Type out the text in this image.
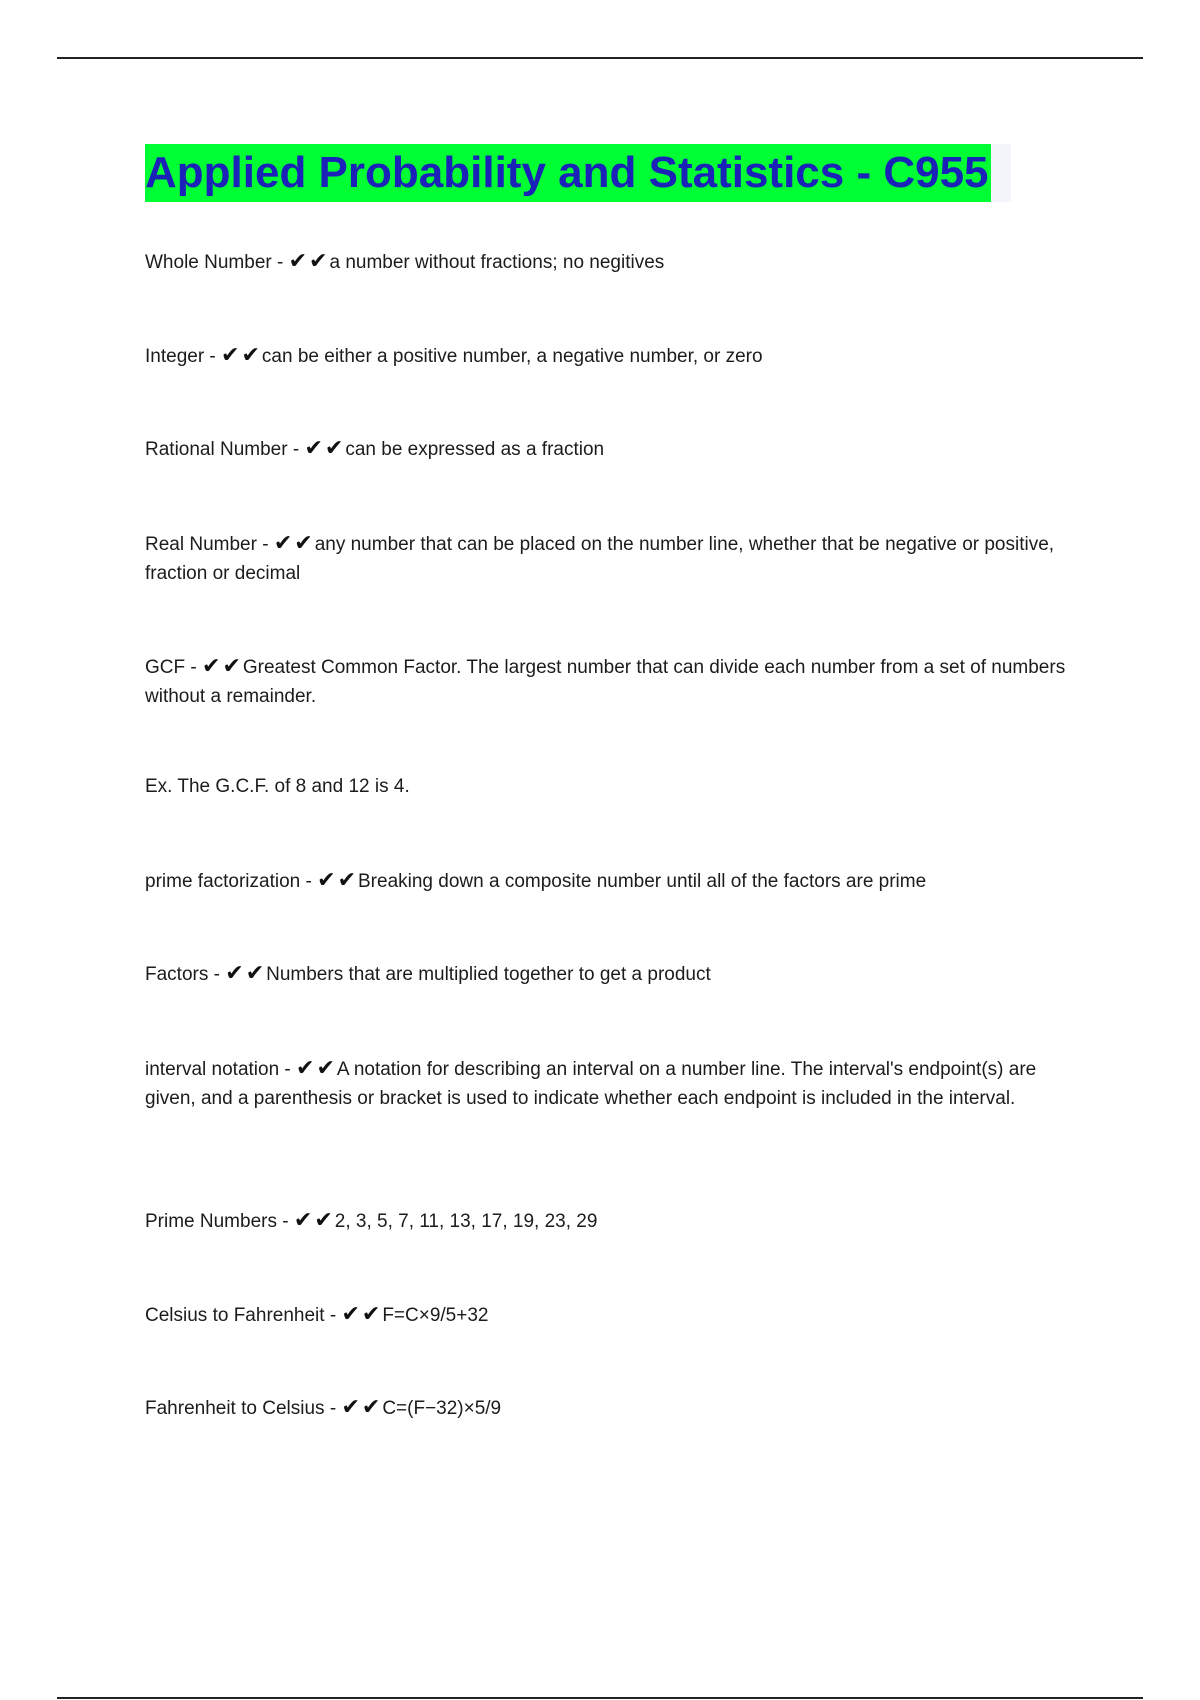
Applied Probability and Statistics - C955
Whole Number - ✔✔ a number without fractions; no negitives
Integer - ✔✔ can be either a positive number, a negative number, or zero
Rational Number - ✔✔ can be expressed as a fraction
Real Number - ✔✔ any number that can be placed on the number line, whether that be negative or positive, fraction or decimal
GCF - ✔✔ Greatest Common Factor. The largest number that can divide each number from a set of numbers without a remainder.
Ex. The G.C.F. of 8 and 12 is 4.
prime factorization - ✔✔ Breaking down a composite number until all of the factors are prime
Factors - ✔✔ Numbers that are multiplied together to get a product
interval notation - ✔✔ A notation for describing an interval on a number line. The interval's endpoint(s) are given, and a parenthesis or bracket is used to indicate whether each endpoint is included in the interval.
Prime Numbers - ✔✔ 2, 3, 5, 7, 11, 13, 17, 19, 23, 29
Celsius to Fahrenheit - ✔✔ F=C×9/5+32
Fahrenheit to Celsius - ✔✔ C=(F−32)×5/9
